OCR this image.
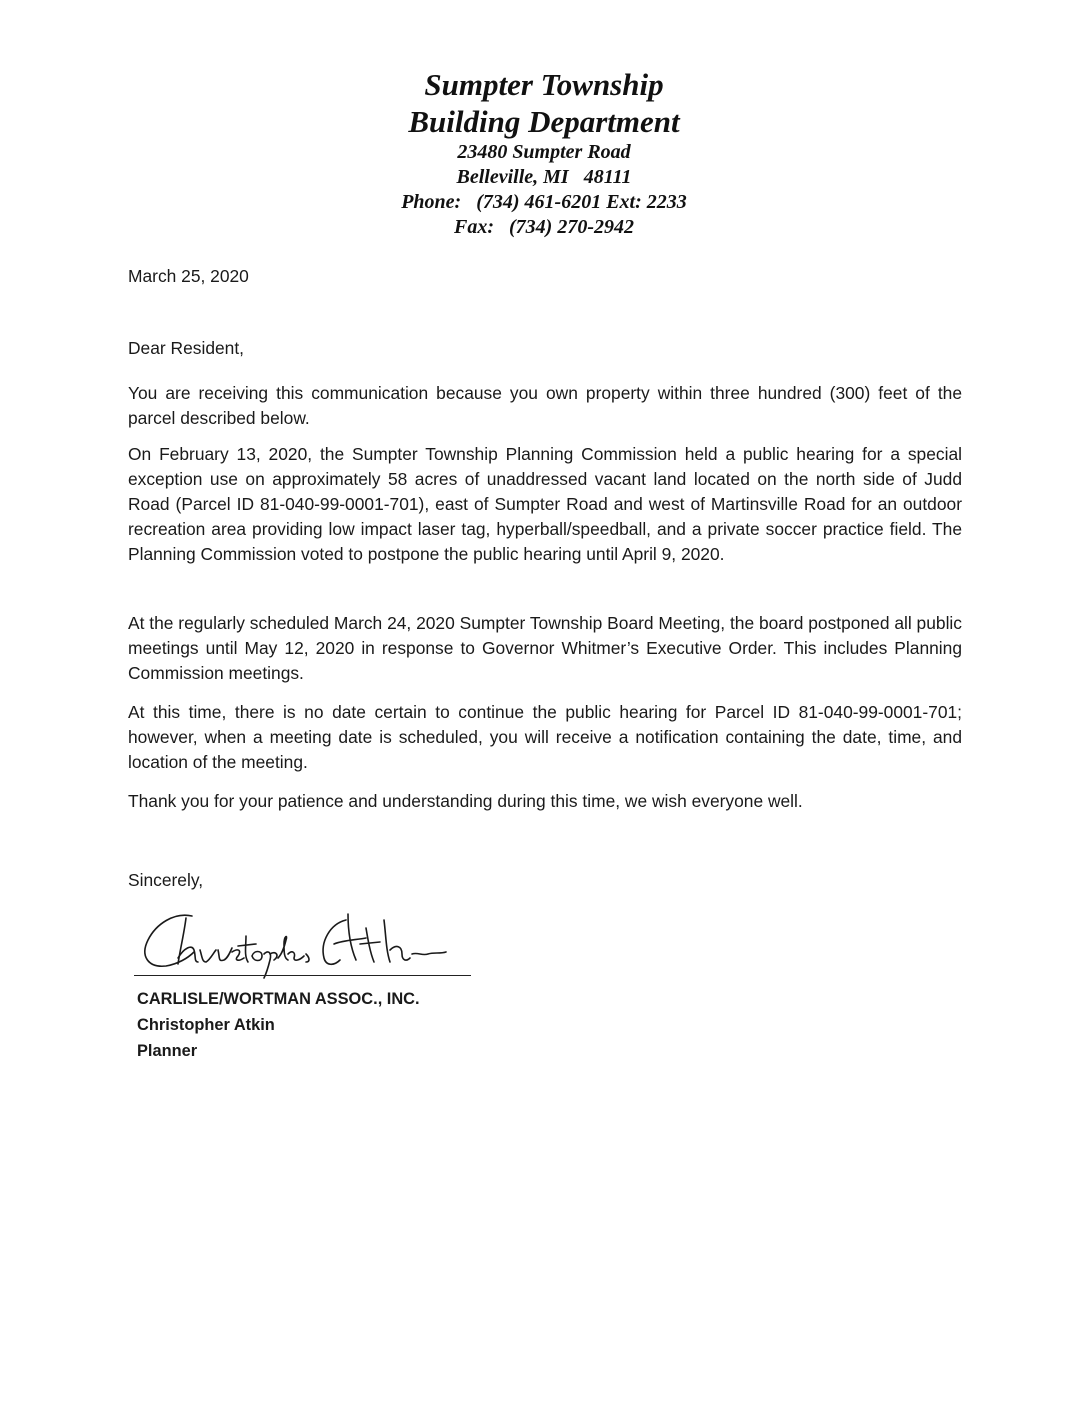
Sumpter Township
Building Department
23480 Sumpter Road
Belleville, MI   48111
Phone:   (734) 461-6201 Ext: 2233
Fax:   (734) 270-2942
March 25, 2020
Dear Resident,

You are receiving this communication because you own property within three hundred (300) feet of the parcel described below.

On February 13, 2020, the Sumpter Township Planning Commission held a public hearing for a special exception use on approximately 58 acres of unaddressed vacant land located on the north side of Judd Road (Parcel ID 81-040-99-0001-701), east of Sumpter Road and west of Martinsville Road for an outdoor recreation area providing low impact laser tag, hyperball/speedball, and a private soccer practice field. The Planning Commission voted to postpone the public hearing until April 9, 2020.

At the regularly scheduled March 24, 2020 Sumpter Township Board Meeting, the board postponed all public meetings until May 12, 2020 in response to Governor Whitmer’s Executive Order. This includes Planning Commission meetings.

At this time, there is no date certain to continue the public hearing for Parcel ID 81-040-99-0001-701; however, when a meeting date is scheduled, you will receive a notification containing the date, time, and location of the meeting.

Thank you for your patience and understanding during this time, we wish everyone well.

Sincerely,
CARLISLE/WORTMAN ASSOC., INC.
Christopher Atkin
Planner
